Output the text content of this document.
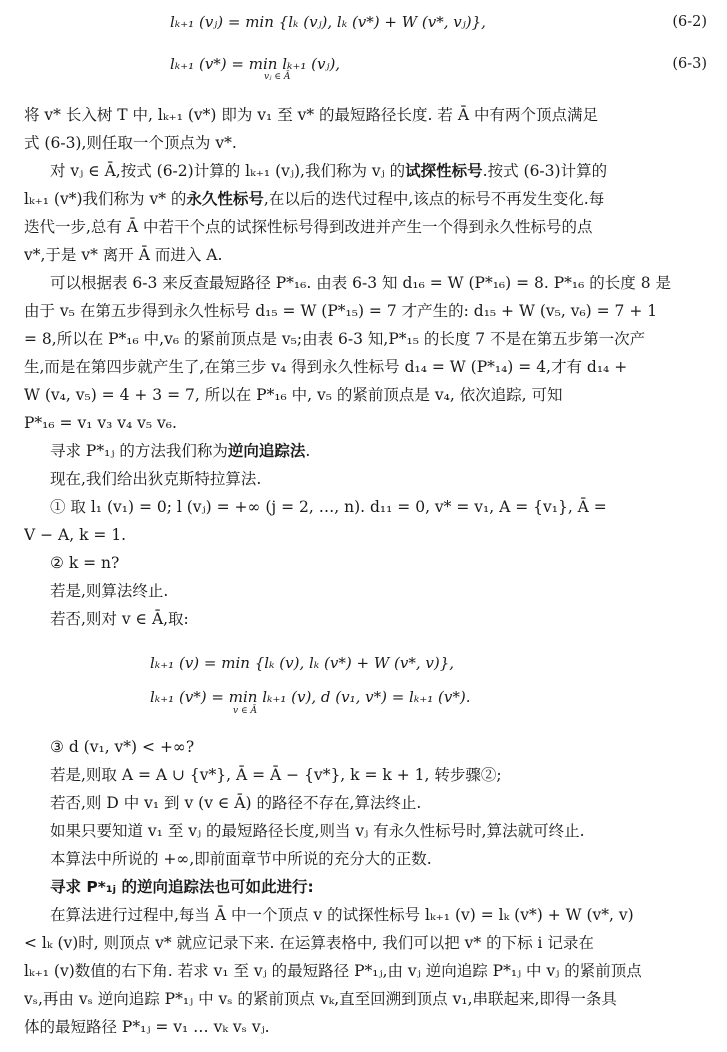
lₖ₊₁ (vⱼ) = min {lₖ (vⱼ), lₖ (v*) + W (v*, vⱼ)},	(6-2)
lₖ₊₁ (v*) = min lₖ₊₁ (vⱼ),
vⱼ ∈ Ā
(6-3)
将 v* 长入树 T 中, lₖ₊₁ (v*) 即为 v₁ 至 v* 的最短路径长度. 若 Ā 中有两个顶点满足
式 (6-3),则任取一个顶点为 v*.
对 vⱼ ∈ Ā,按式 (6-2)计算的 lₖ₊₁ (vⱼ),我们称为 vⱼ 的试探性标号.按式 (6-3)计算的
lₖ₊₁ (v*)我们称为 v* 的永久性标号,在以后的迭代过程中,该点的标号不再发生变化.每
迭代一步,总有 Ā 中若干个点的试探性标号得到改进并产生一个得到永久性标号的点
v*,于是 v* 离开 Ā 而进入 A.
可以根据表 6-3 来反查最短路径 P*₁₆. 由表 6-3 知 d₁₆ = W (P*₁₆) = 8. P*₁₆ 的长度 8 是
由于 v₅ 在第五步得到永久性标号 d₁₅ = W (P*₁₅) = 7 才产生的: d₁₅ + W (v₅, v₆) = 7 + 1
= 8,所以在 P*₁₆ 中,v₆ 的紧前顶点是 v₅;由表 6-3 知,P*₁₅ 的长度 7 不是在第五步第一次产
生,而是在第四步就产生了,在第三步 v₄ 得到永久性标号 d₁₄ = W (P*₁₄) = 4,才有 d₁₄ +
W (v₄, v₅) = 4 + 3 = 7, 所以在 P*₁₆ 中, v₅ 的紧前顶点是 v₄, 依次追踪, 可知
P*₁₆ = v₁ v₃ v₄ v₅ v₆.
寻求 P*₁ⱼ 的方法我们称为逆向追踪法.
现在,我们给出狄克斯特拉算法.
① 取 l₁ (v₁) = 0; l (vⱼ) = +∞ (j = 2, …, n). d₁₁ = 0, v* = v₁, A = {v₁}, Ā =
V − A, k = 1.
② k = n?
若是,则算法终止.
若否,则对 v ∈ Ā,取:
lₖ₊₁ (v) = min {lₖ (v), lₖ (v*) + W (v*, v)},
lₖ₊₁ (v*) = min lₖ₊₁ (v), d (v₁, v*) = lₖ₊₁ (v*).
v ∈ Ā
③ d (v₁, v*) < +∞?
若是,则取 A = A ∪ {v*}, Ā = Ā − {v*}, k = k + 1, 转步骤②;
若否,则 D 中 v₁ 到 v (v ∈ Ā) 的路径不存在,算法终止.
如果只要知道 v₁ 至 vⱼ 的最短路径长度,则当 vⱼ 有永久性标号时,算法就可终止.
本算法中所说的 +∞,即前面章节中所说的充分大的正数.
寻求 P*₁ⱼ 的逆向追踪法也可如此进行:
在算法进行过程中,每当 Ā 中一个顶点 v 的试探性标号 lₖ₊₁ (v) = lₖ (v*) + W (v*, v)
< lₖ (v)时, 则顶点 v* 就应记录下来. 在运算表格中, 我们可以把 v* 的下标 i 记录在
lₖ₊₁ (v)数值的右下角. 若求 v₁ 至 vⱼ 的最短路径 P*₁ⱼ,由 vⱼ 逆向追踪 P*₁ⱼ 中 vⱼ 的紧前顶点
vₛ,再由 vₛ 逆向追踪 P*₁ⱼ 中 vₛ 的紧前顶点 vₖ,直至回溯到顶点 v₁,串联起来,即得一条具
体的最短路径 P*₁ⱼ = v₁ … vₖ vₛ vⱼ.
